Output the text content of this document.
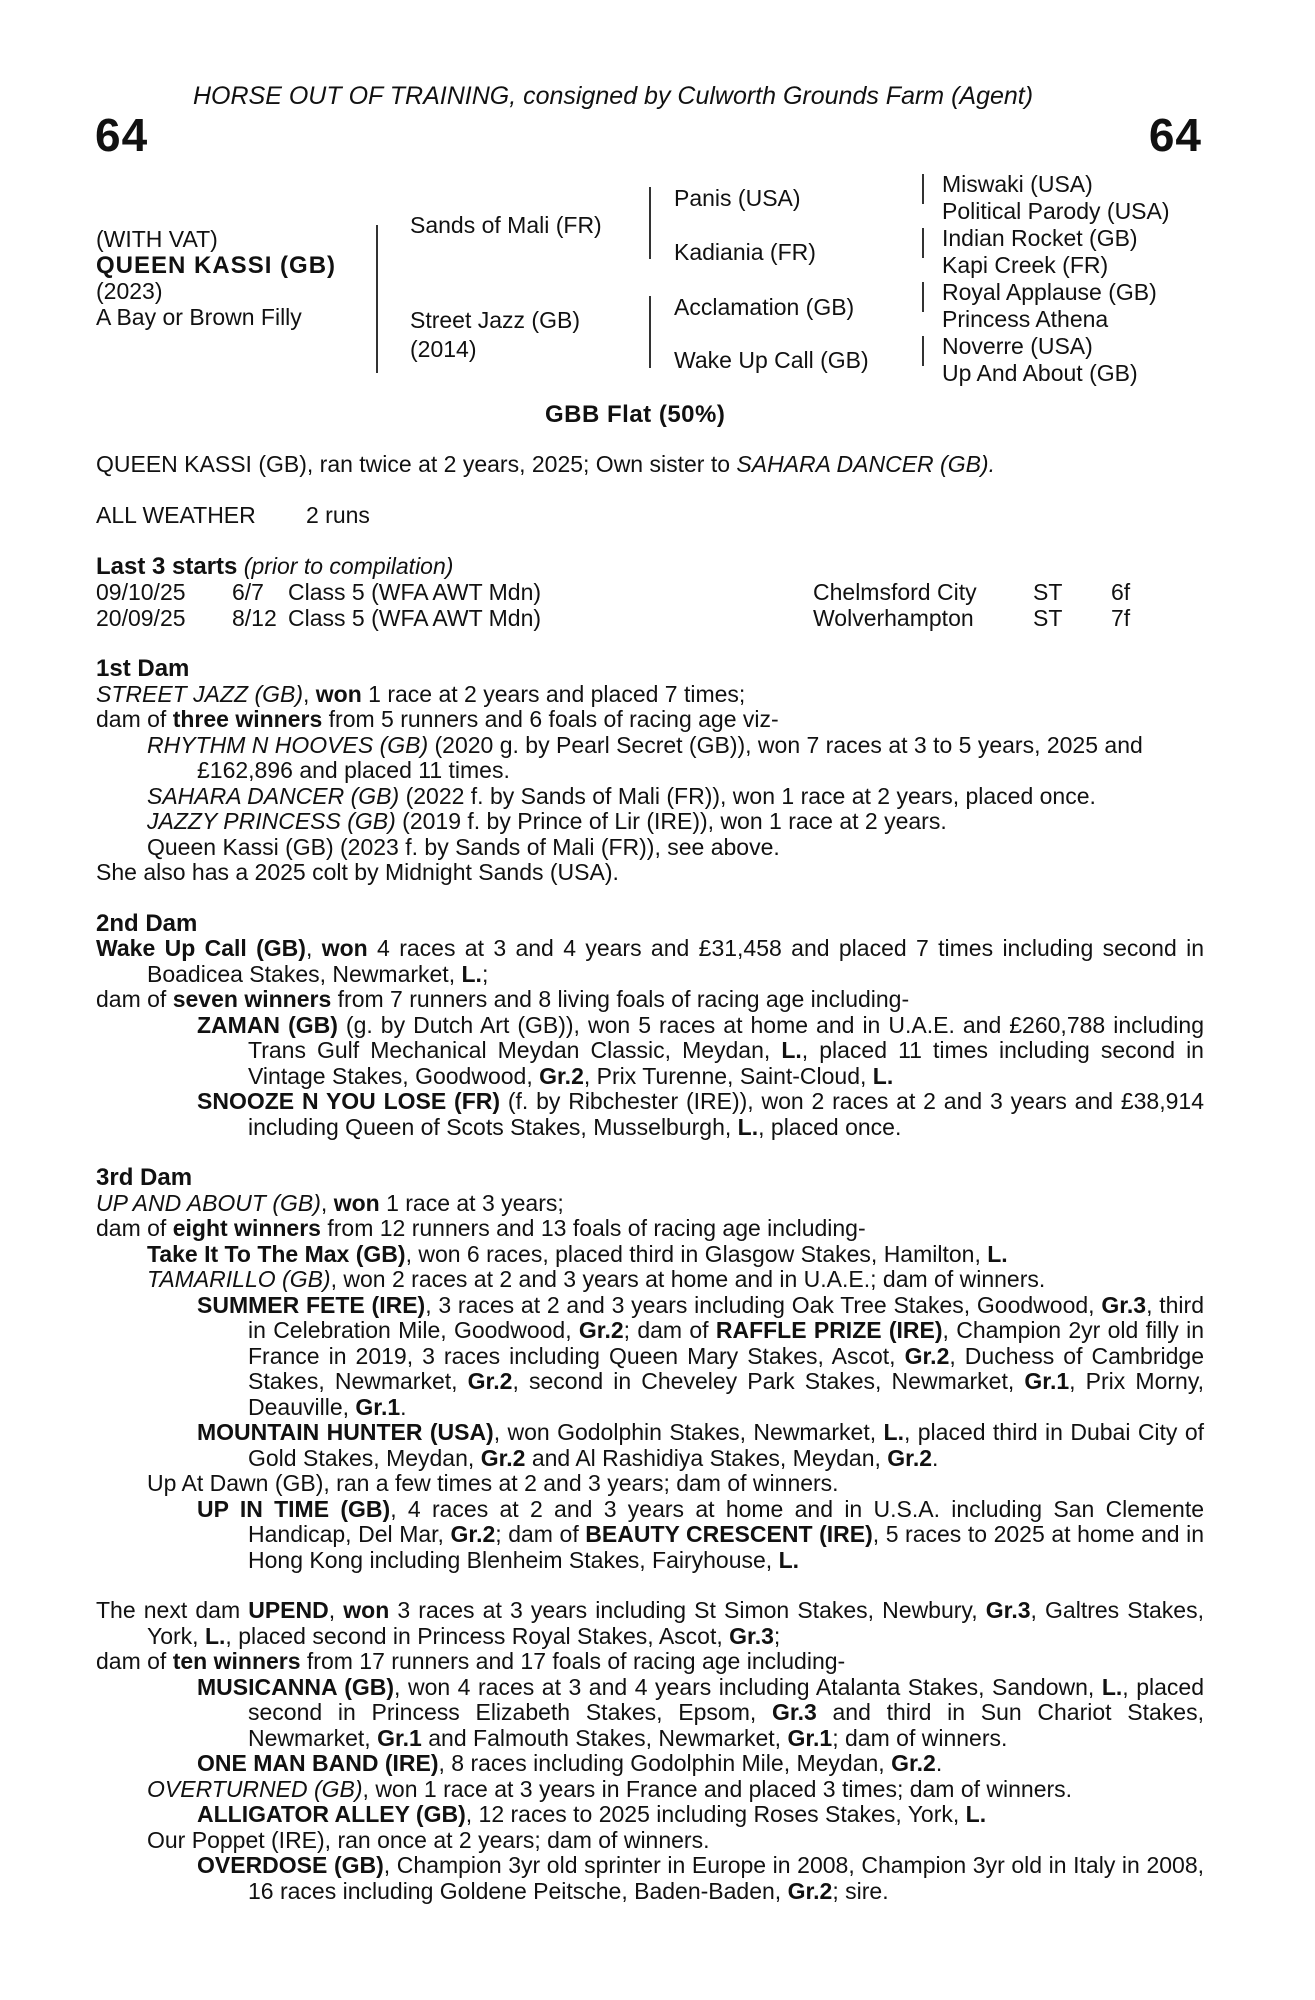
HORSE OUT OF TRAINING, consigned by Culworth Grounds Farm (Agent)
64	64
(WITH VAT)
QUEEN KASSI (GB)
(2023)
A Bay or Brown Filly
Sands of Mali (FR)
Street Jazz (GB)
(2014)
Panis (USA)
Kadiania (FR)
Acclamation (GB)
Wake Up Call (GB)
Miswaki (USA)
Political Parody (USA)
Indian Rocket (GB)
Kapi Creek (FR)
Royal Applause (GB)
Princess Athena
Noverre (USA)
Up And About (GB)
GBB Flat (50%)
QUEEN KASSI (GB), ran twice at 2 years, 2025; Own sister to SAHARA DANCER (GB).
ALL WEATHER 2 runs
Last 3 starts (prior to compilation)
09/10/25	6/7	Class 5 (WFA AWT Mdn)	Chelmsford City	ST	6f
20/09/25	8/12	Class 5 (WFA AWT Mdn)	Wolverhampton	ST	7f

1st Dam

STREET JAZZ (GB), won 1 race at 2 years and placed 7 times;

dam of three winners from 5 runners and 6 foals of racing age viz-

RHYTHM N HOOVES (GB) (2020 g. by Pearl Secret (GB)), won 7 races at 3 to 5 years, 2025 and £162,896 and placed 11 times.

SAHARA DANCER (GB) (2022 f. by Sands of Mali (FR)), won 1 race at 2 years, placed once.

JAZZY PRINCESS (GB) (2019 f. by Prince of Lir (IRE)), won 1 race at 2 years.

Queen Kassi (GB) (2023 f. by Sands of Mali (FR)), see above.

She also has a 2025 colt by Midnight Sands (USA).

2nd Dam

Wake Up Call (GB), won 4 races at 3 and 4 years and £31,458 and placed 7 times including second in Boadicea Stakes, Newmarket, L.;

dam of seven winners from 7 runners and 8 living foals of racing age including-

ZAMAN (GB) (g. by Dutch Art (GB)), won 5 races at home and in U.A.E. and £260,788 including Trans Gulf Mechanical Meydan Classic, Meydan, L., placed 11 times including second in Vintage Stakes, Goodwood, Gr.2, Prix Turenne, Saint-Cloud, L.

SNOOZE N YOU LOSE (FR) (f. by Ribchester (IRE)), won 2 races at 2 and 3 years and £38,914 including Queen of Scots Stakes, Musselburgh, L., placed once.

3rd Dam

UP AND ABOUT (GB), won 1 race at 3 years;

dam of eight winners from 12 runners and 13 foals of racing age including-

Take It To The Max (GB), won 6 races, placed third in Glasgow Stakes, Hamilton, L.

TAMARILLO (GB), won 2 races at 2 and 3 years at home and in U.A.E.; dam of winners.

SUMMER FETE (IRE), 3 races at 2 and 3 years including Oak Tree Stakes, Goodwood, Gr.3, third in Celebration Mile, Goodwood, Gr.2; dam of RAFFLE PRIZE (IRE), Champion 2yr old filly in France in 2019, 3 races including Queen Mary Stakes, Ascot, Gr.2, Duchess of Cambridge Stakes, Newmarket, Gr.2, second in Cheveley Park Stakes, Newmarket, Gr.1, Prix Morny, Deauville, Gr.1.

MOUNTAIN HUNTER (USA), won Godolphin Stakes, Newmarket, L., placed third in Dubai City of Gold Stakes, Meydan, Gr.2 and Al Rashidiya Stakes, Meydan, Gr.2.

Up At Dawn (GB), ran a few times at 2 and 3 years; dam of winners.

UP IN TIME (GB), 4 races at 2 and 3 years at home and in U.S.A. including San Clemente Handicap, Del Mar, Gr.2; dam of BEAUTY CRESCENT (IRE), 5 races to 2025 at home and in Hong Kong including Blenheim Stakes, Fairyhouse, L.

The next dam UPEND, won 3 races at 3 years including St Simon Stakes, Newbury, Gr.3, Galtres Stakes, York, L., placed second in Princess Royal Stakes, Ascot, Gr.3;

dam of ten winners from 17 runners and 17 foals of racing age including-

MUSICANNA (GB), won 4 races at 3 and 4 years including Atalanta Stakes, Sandown, L., placed second in Princess Elizabeth Stakes, Epsom, Gr.3 and third in Sun Chariot Stakes, Newmarket, Gr.1 and Falmouth Stakes, Newmarket, Gr.1; dam of winners.

ONE MAN BAND (IRE), 8 races including Godolphin Mile, Meydan, Gr.2.

OVERTURNED (GB), won 1 race at 3 years in France and placed 3 times; dam of winners.

ALLIGATOR ALLEY (GB), 12 races to 2025 including Roses Stakes, York, L.

Our Poppet (IRE), ran once at 2 years; dam of winners.

OVERDOSE (GB), Champion 3yr old sprinter in Europe in 2008, Champion 3yr old in Italy in 2008, 16 races including Goldene Peitsche, Baden-Baden, Gr.2; sire.
